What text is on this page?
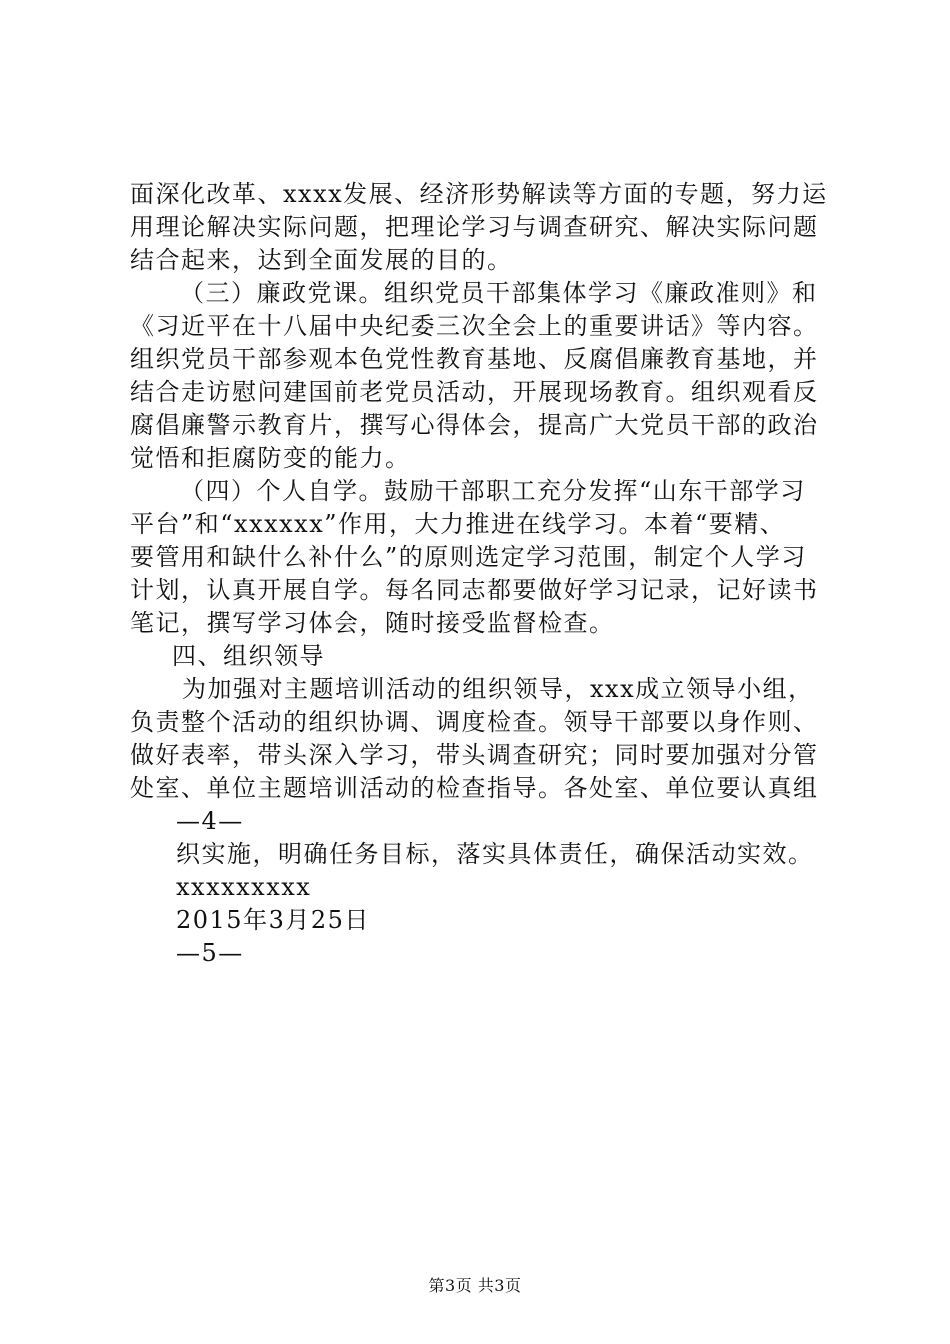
面深化改革、xxxx发展、经济形势解读等方面的专题，努力运
用理论解决实际问题，把理论学习与调查研究、解决实际问题
结合起来，达到全面发展的目的。
（三）廉政党课。组织党员干部集体学习《廉政准则》和
《习近平在十八届中央纪委三次全会上的重要讲话》等内容。
组织党员干部参观本色党性教育基地、反腐倡廉教育基地，并
结合走访慰问建国前老党员活动，开展现场教育。组织观看反
腐倡廉警示教育片，撰写心得体会，提高广大党员干部的政治
觉悟和拒腐防变的能力。
（四）个人自学。鼓励干部职工充分发挥“山东干部学习
平台”和“xxxxxx”作用，大力推进在线学习。本着“要精、
要管用和缺什么补什么”的原则选定学习范围，制定个人学习
计划，认真开展自学。每名同志都要做好学习记录，记好读书
笔记，撰写学习体会，随时接受监督检查。
四、组织领导
为加强对主题培训活动的组织领导，xxx成立领导小组，
负责整个活动的组织协调、调度检查。领导干部要以身作则、
做好表率，带头深入学习，带头调查研究；同时要加强对分管
处室、单位主题培训活动的检查指导。各处室、单位要认真组
—4—
织实施，明确任务目标，落实具体责任，确保活动实效。
xxxxxxxxx
2015年3月25日
—5—
第3页 共3页
